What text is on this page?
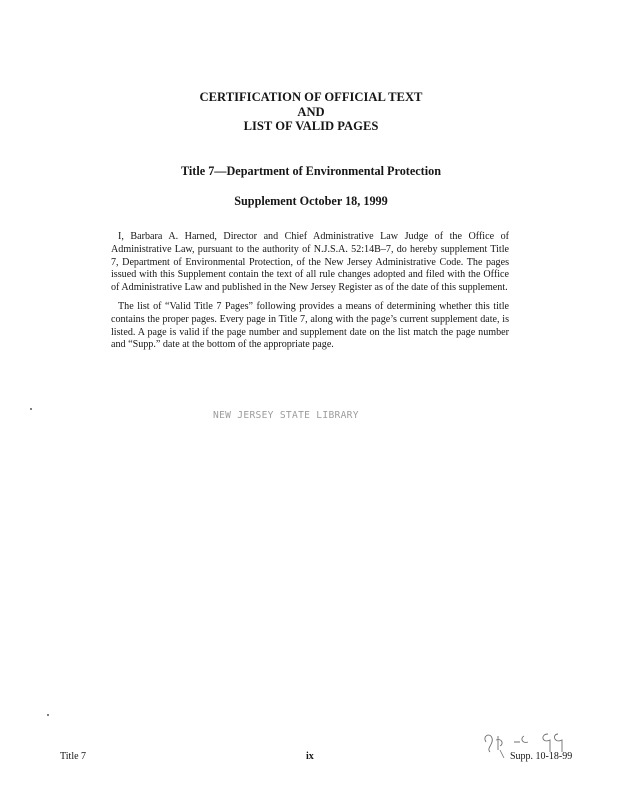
CERTIFICATION OF OFFICIAL TEXT
AND
LIST OF VALID PAGES
Title 7—Department of Environmental Protection
Supplement October 18, 1999

I, Barbara A. Harned, Director and Chief Administrative Law Judge of the Office of Administrative Law, pursuant to the authority of N.J.S.A. 52:14B–7, do hereby supplement Title 7, Department of Environmental Protection, of the New Jersey Administrative Code. The pages issued with this Supplement contain the text of all rule changes adopted and filed with the Office of Administrative Law and published in the New Jersey Register as of the date of this supplement.

The list of “Valid Title 7 Pages” following provides a means of determining whether this title contains the proper pages. Every page in Title 7, along with the page’s current supplement date, is listed. A page is valid if the page number and supplement date on the list match the page number and “Supp.” date at the bottom of the appropriate page.

NEW JERSEY STATE LIBRARY
Title 7	ix	Supp. 10-18-99
